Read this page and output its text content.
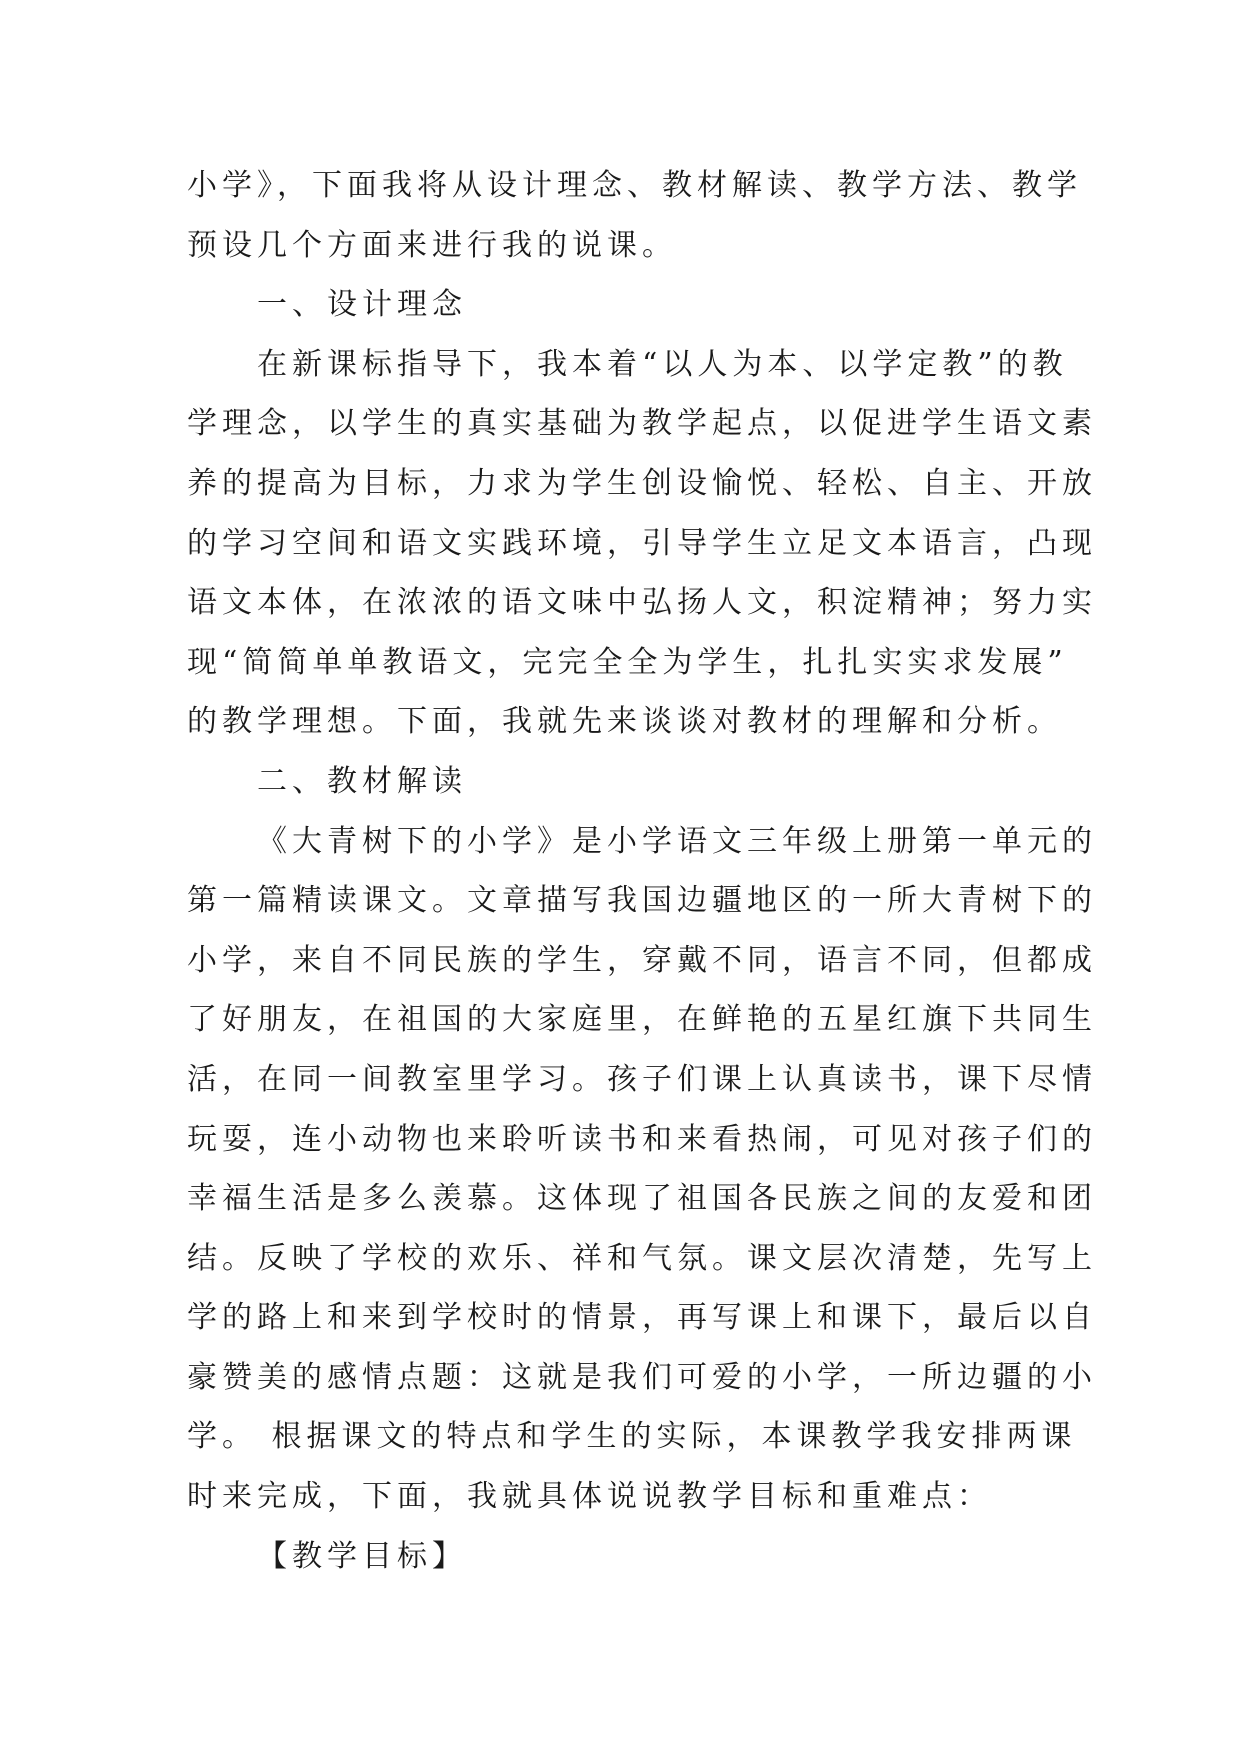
小学》，下面我将从设计理念、教材解读、教学方法、教学
预设几个方面来进行我的说课。
一、设计理念
在新课标指导下，我本着“以人为本、以学定教”的教
学理念，以学生的真实基础为教学起点，以促进学生语文素
养的提高为目标，力求为学生创设愉悦、轻松、自主、开放
的学习空间和语文实践环境，引导学生立足文本语言，凸现
语文本体，在浓浓的语文味中弘扬人文，积淀精神；努力实
现“简简单单教语文，完完全全为学生，扎扎实实求发展”
的教学理想。下面，我就先来谈谈对教材的理解和分析。
二、教材解读
《大青树下的小学》是小学语文三年级上册第一单元的
第一篇精读课文。文章描写我国边疆地区的一所大青树下的
小学，来自不同民族的学生，穿戴不同，语言不同，但都成
了好朋友，在祖国的大家庭里，在鲜艳的五星红旗下共同生
活，在同一间教室里学习。孩子们课上认真读书，课下尽情
玩耍，连小动物也来聆听读书和来看热闹，可见对孩子们的
幸福生活是多么羡慕。这体现了祖国各民族之间的友爱和团
结。反映了学校的欢乐、祥和气氛。课文层次清楚，先写上
学的路上和来到学校时的情景，再写课上和课下，最后以自
豪赞美的感情点题：这就是我们可爱的小学，一所边疆的小
学。 根据课文的特点和学生的实际，本课教学我安排两课
时来完成，下面，我就具体说说教学目标和重难点：
【教学目标】
